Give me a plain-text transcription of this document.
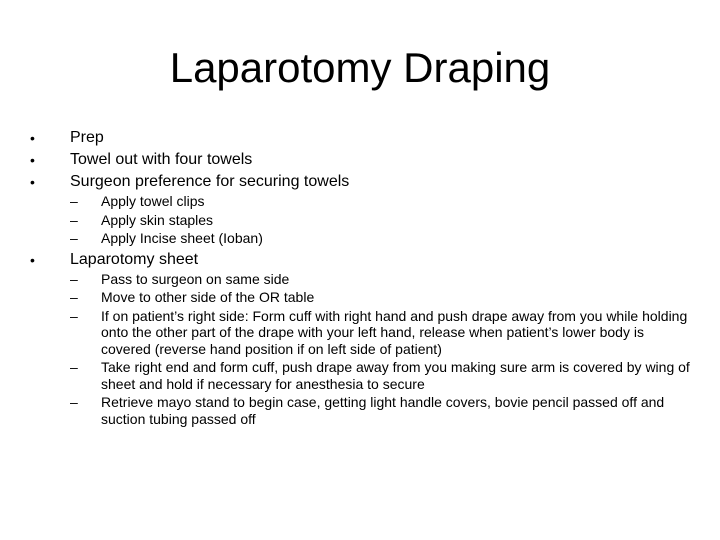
Laparotomy Draping
• Prep
• Towel out with four towels
• Surgeon preference for securing towels
– Apply towel clips
– Apply skin staples
– Apply Incise sheet (Ioban)
• Laparotomy sheet
– Pass to surgeon on same side
– Move to other side of the OR table
– If on patient’s right side: Form cuff with right hand and push drape away from you while holding onto the other part of the drape with your left hand, release when patient’s lower body is covered (reverse hand position if on left side of patient)
– Take right end and form cuff, push drape away from you making sure arm is covered by wing of sheet and hold if necessary for anesthesia to secure
– Retrieve mayo stand to begin case, getting light handle covers, bovie pencil passed off and suction tubing passed off
